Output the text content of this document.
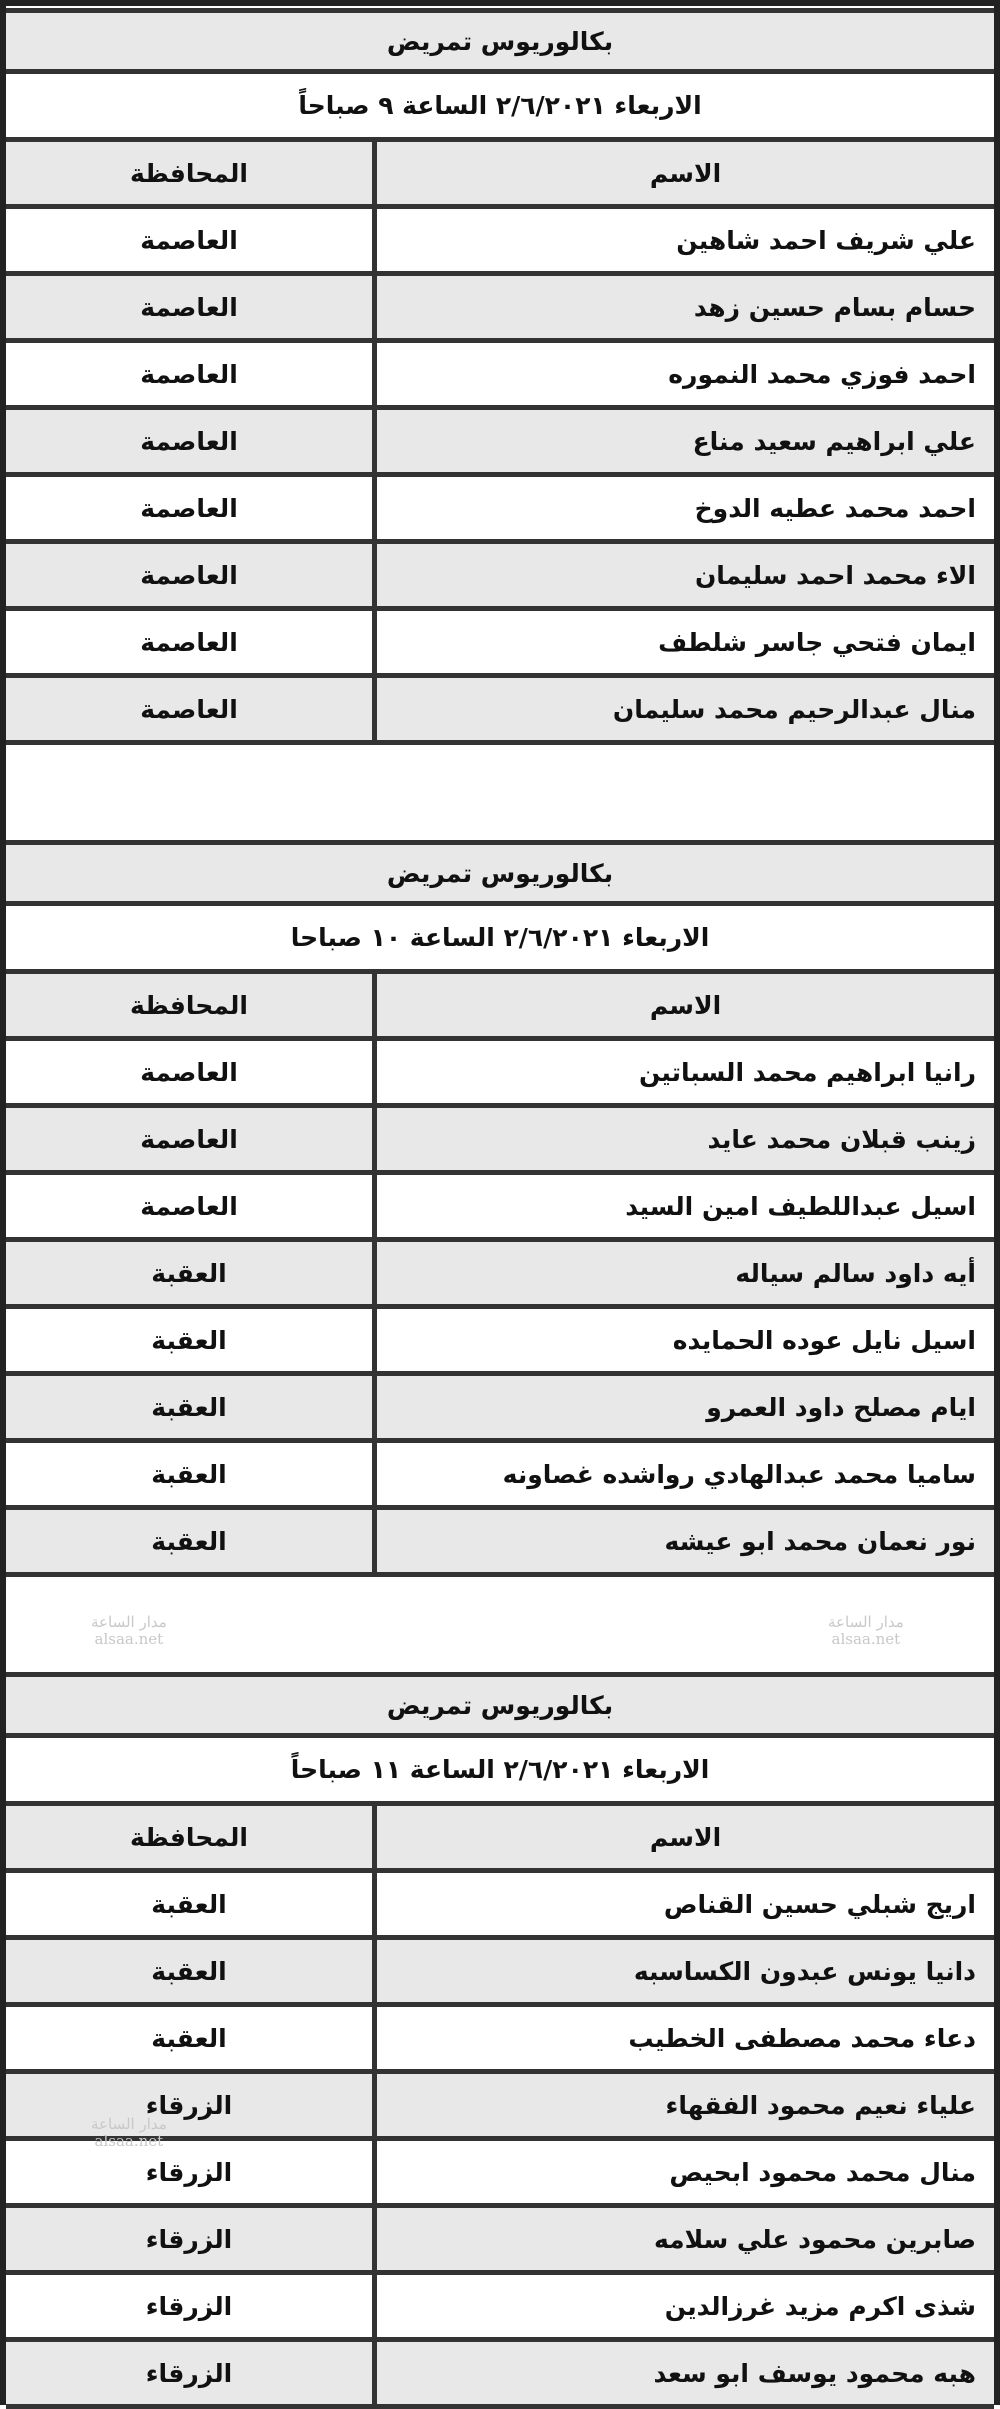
مدار الساعة
alsaa.net
مدار الساعة
alsaa.net
بكالوريوس تمريض
الاربعاء ٢/٦/٢٠٢١ الساعة ٩ صباحاً
الاسم
المحافظة
علي شريف احمد شاهين
العاصمة
حسام بسام حسين زهد
العاصمة
احمد فوزي محمد النموره
العاصمة
علي ابراهيم سعيد مناع
العاصمة
احمد محمد عطيه الدوخ
العاصمة
الاء محمد احمد سليمان
العاصمة
ايمان فتحي جاسر شلطف
العاصمة
منال عبدالرحيم محمد سليمان
العاصمة
بكالوريوس تمريض
الاربعاء ٢/٦/٢٠٢١ الساعة ١٠ صباحا
الاسم
المحافظة
رانيا ابراهيم محمد السباتين
العاصمة
زينب قبلان محمد عايد
العاصمة
اسيل عبداللطيف امين السيد
العاصمة
أيه داود سالم سياله
العقبة
اسيل نايل عوده الحمايده
العقبة
ايام مصلح داود العمرو
العقبة
ساميا محمد عبدالهادي رواشده غصاونه
العقبة
نور نعمان محمد ابو عيشه
العقبة
بكالوريوس تمريض
الاربعاء ٢/٦/٢٠٢١ الساعة ١١ صباحاً
الاسم
المحافظة
اريج شبلي حسين القناص
العقبة
دانيا يونس عبدون الكساسبه
العقبة
دعاء محمد مصطفى الخطيب
العقبة
علياء نعيم محمود الفقهاء
الزرقاء
منال محمد محمود ابحيص
الزرقاء
صابرين محمود علي سلامه
الزرقاء
شذى اكرم مزيد غرزالدين
الزرقاء
هبه محمود يوسف ابو سعد
الزرقاء
مدار الساعة
alsaa.net
